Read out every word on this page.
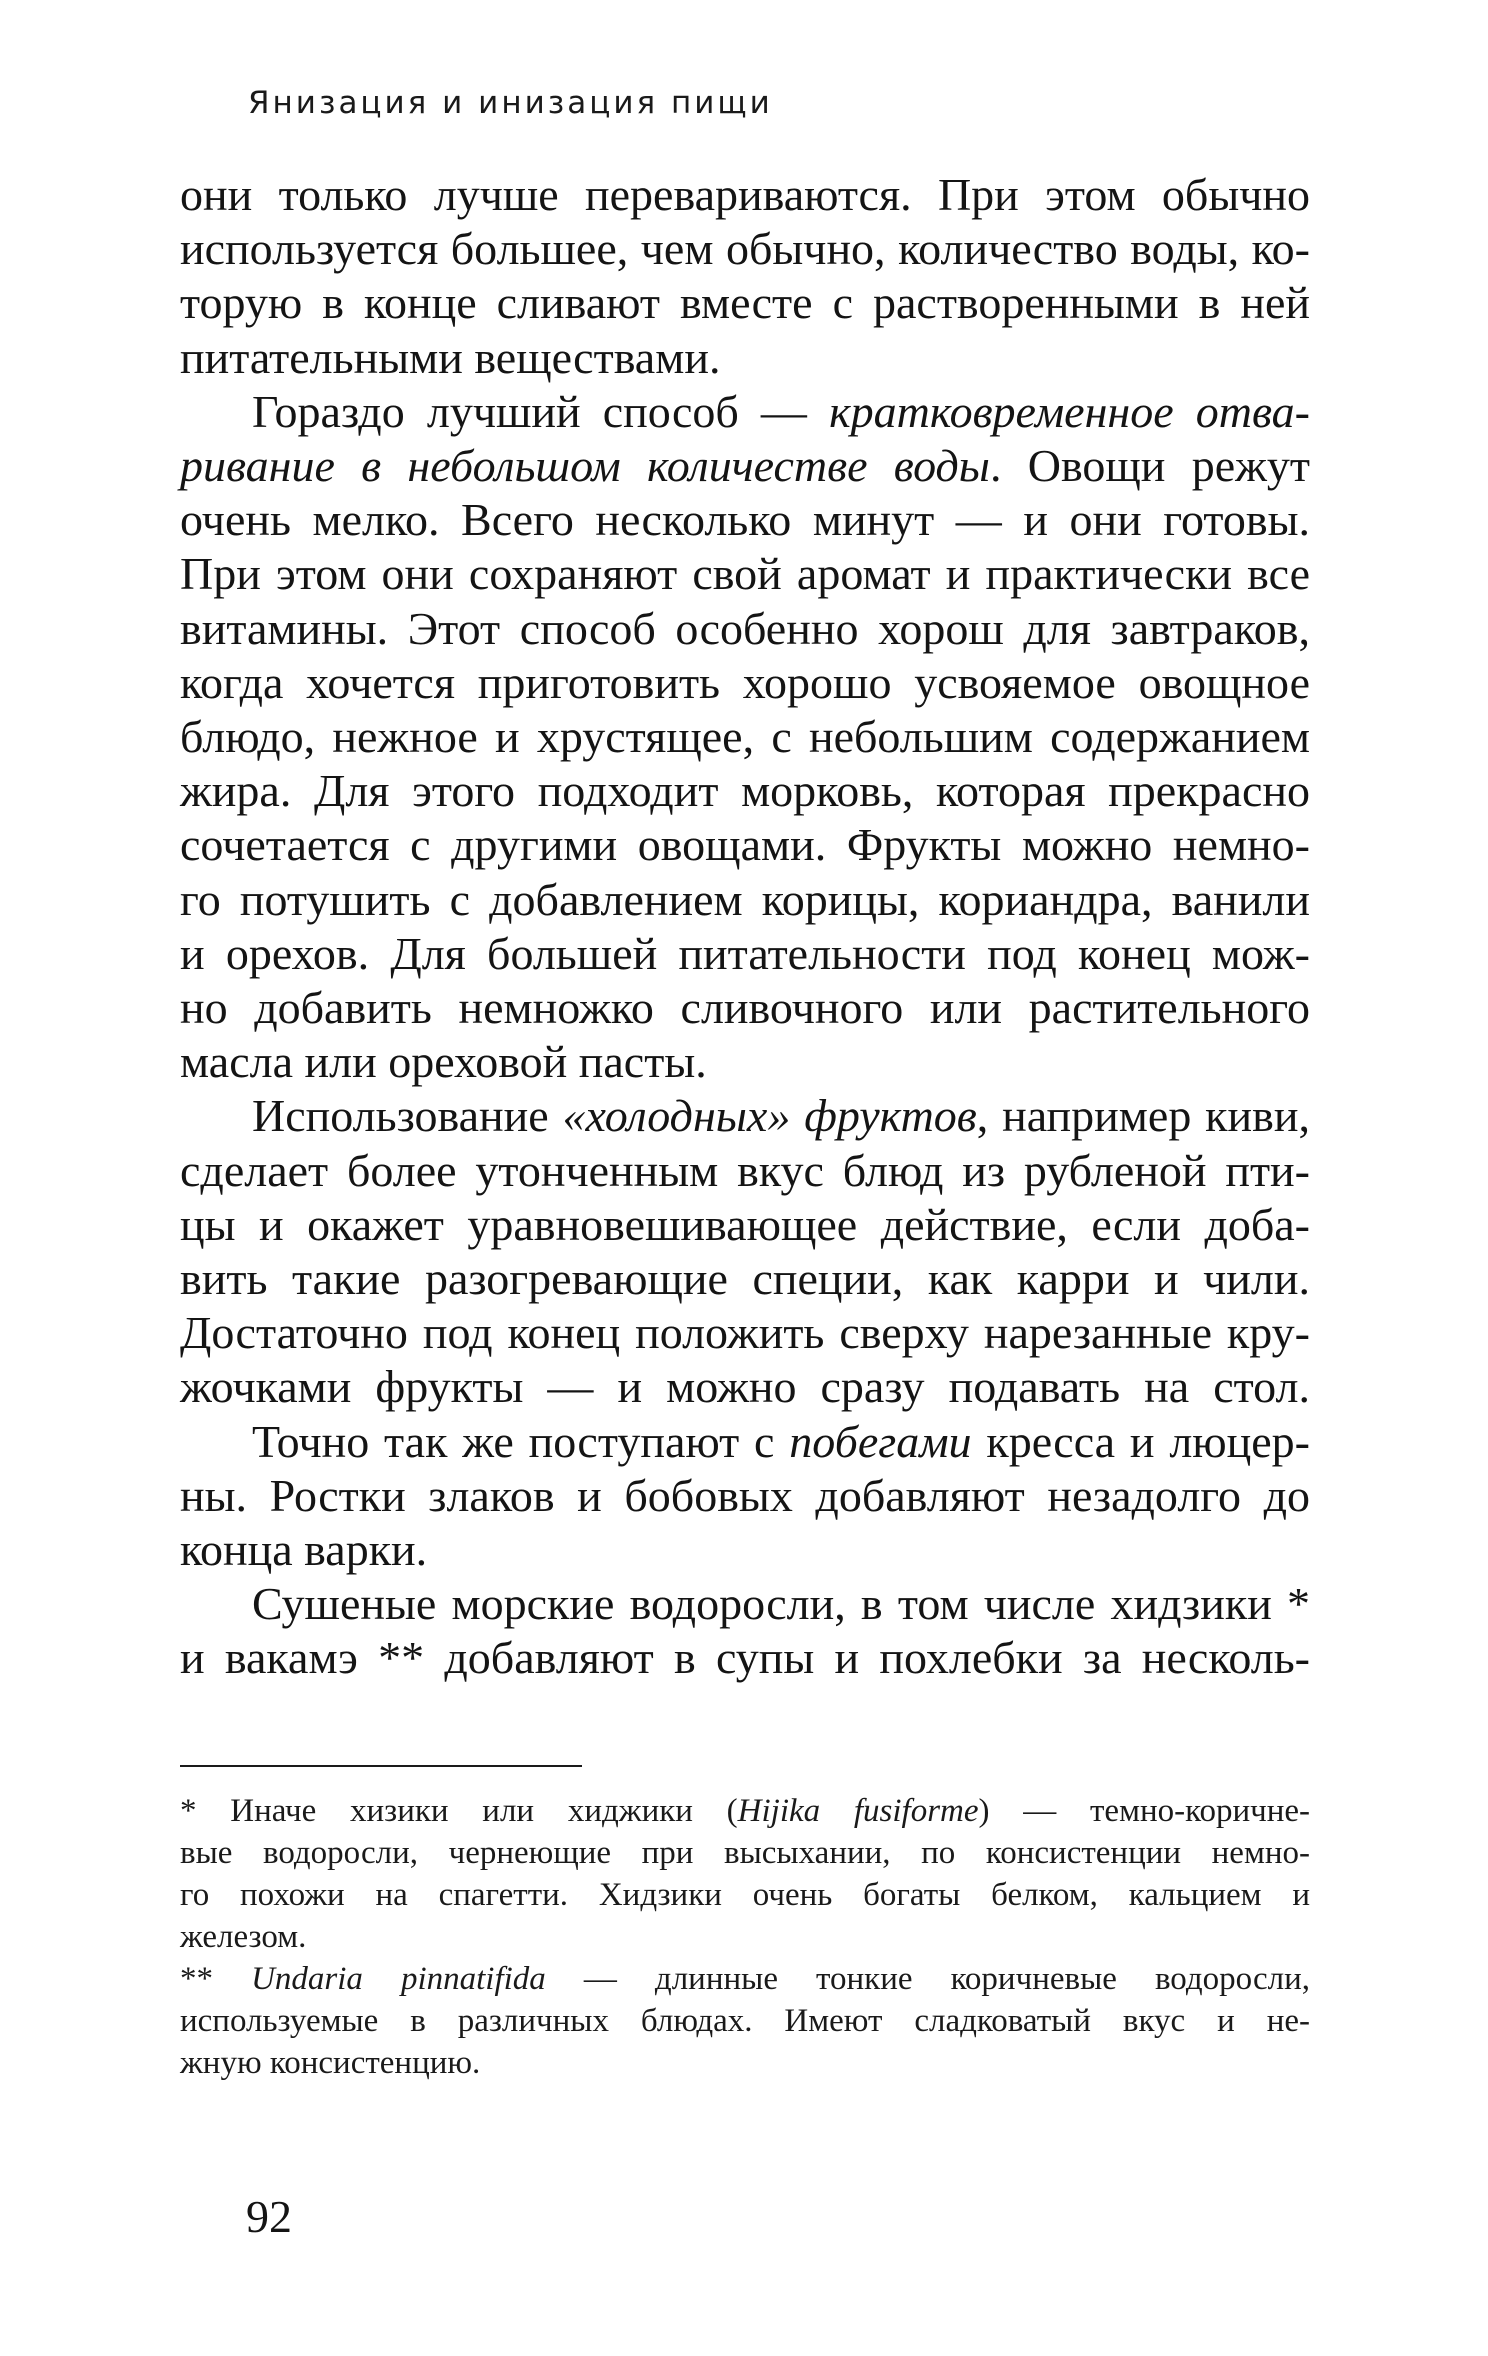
Янизация и инизация пищи

они только лучше перевариваются. При этом обычно
используется большее, чем обычно, количество воды, ко-
торую в конце сливают вместе с растворенными в ней
питательными веществами.

Гораздо лучший способ — кратковременное отва-
ривание в небольшом количестве воды. Овощи режут
очень мелко. Всего несколько минут — и они готовы.
При этом они сохраняют свой аромат и практически все
витамины. Этот способ особенно хорош для завтраков,
когда хочется приготовить хорошо усвояемое овощное
блюдо, нежное и хрустящее, с небольшим содержанием
жира. Для этого подходит морковь, которая прекрасно
сочетается с другими овощами. Фрукты можно немно-
го потушить с добавлением корицы, кориандра, ванили
и орехов. Для большей питательности под конец мож-
но добавить немножко сливочного или растительного
масла или ореховой пасты.

Использование «холодных» фруктов, например киви,
сделает более утонченным вкус блюд из рубленой пти-
цы и окажет уравновешивающее действие, если доба-
вить такие разогревающие специи, как карри и чили.
Достаточно под конец положить сверху нарезанные кру-
жочками фрукты — и можно сразу подавать на стол.

Точно так же поступают с побегами кресса и люцер-
ны. Ростки злаков и бобовых добавляют незадолго до
конца варки.

Сушеные морские водоросли, в том числе хидзики *
и вакамэ ** добавляют в супы и похлебки за несколь-

* Иначе хизики или хиджики (Hijika fusiforme) — темно-коричне-
вые водоросли, чернеющие при высыхании, по консистенции немно-
го похожи на спагетти. Хидзики очень богаты белком, кальцием и
железом.

** Undaria pinnatifida — длинные тонкие коричневые водоросли,
используемые в различных блюдах. Имеют сладковатый вкус и не-
жную консистенцию.

92
